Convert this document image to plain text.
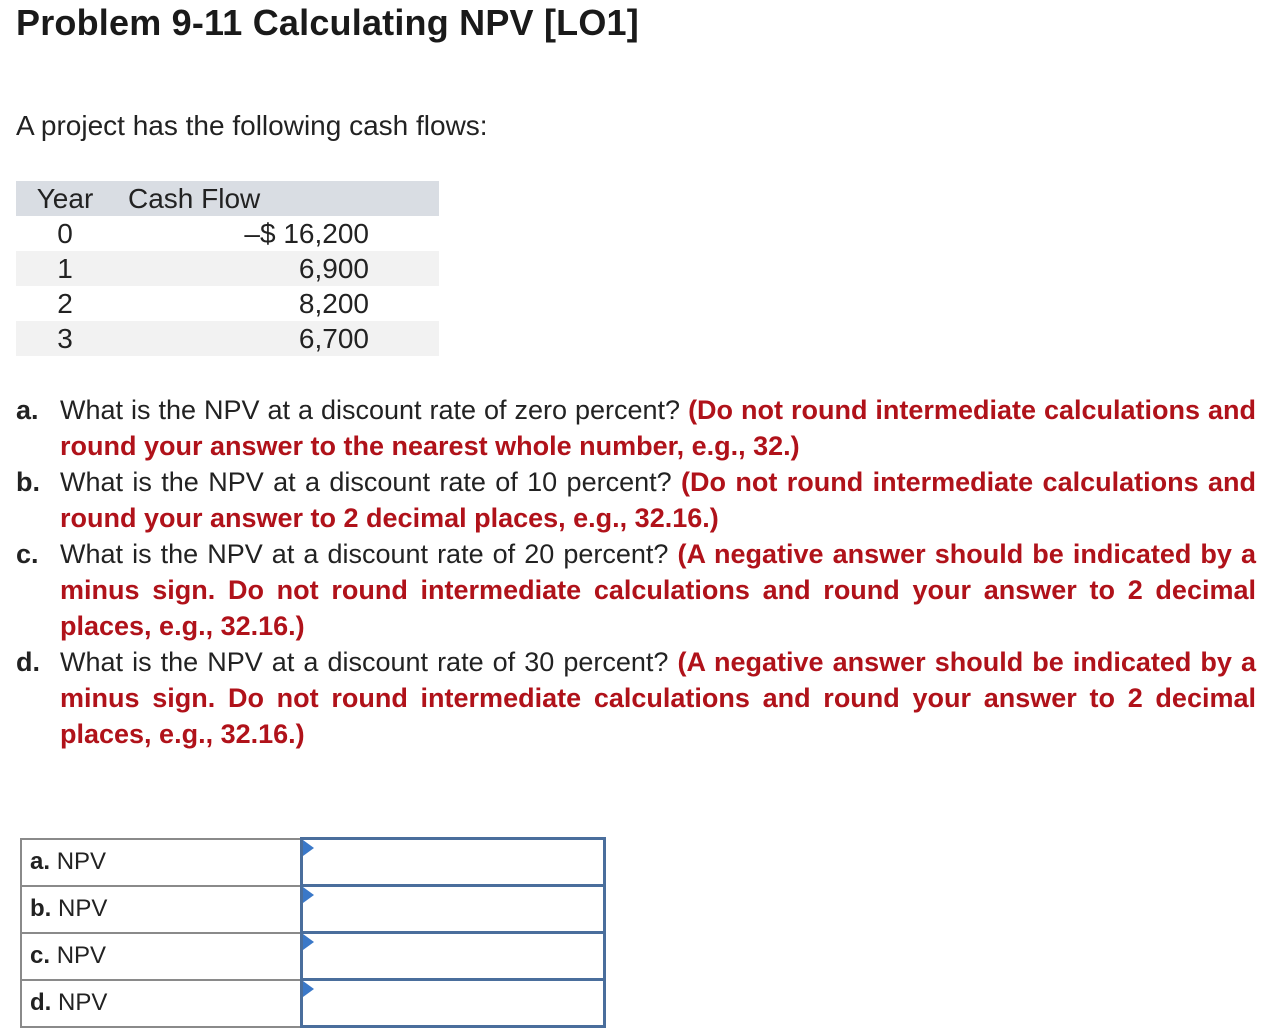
Problem 9-11 Calculating NPV [LO1]
A project has the following cash flows:
Year	Cash Flow
0	–$ 16,200
1	6,900
2	8,200
3	6,700
a. What is the NPV at a discount rate of zero percent? (Do not round intermediate calculations and round your answer to the nearest whole number, e.g., 32.)
b. What is the NPV at a discount rate of 10 percent? (Do not round intermediate calculations and round your answer to 2 decimal places, e.g., 32.16.)
c. What is the NPV at a discount rate of 20 percent? (A negative answer should be indicated by a minus sign. Do not round intermediate calculations and round your answer to 2 decimal places, e.g., 32.16.)
d. What is the NPV at a discount rate of 30 percent? (A negative answer should be indicated by a minus sign. Do not round intermediate calculations and round your answer to 2 decimal places, e.g., 32.16.)
a. NPV	

b. NPV	

c. NPV	

d. NPV	
